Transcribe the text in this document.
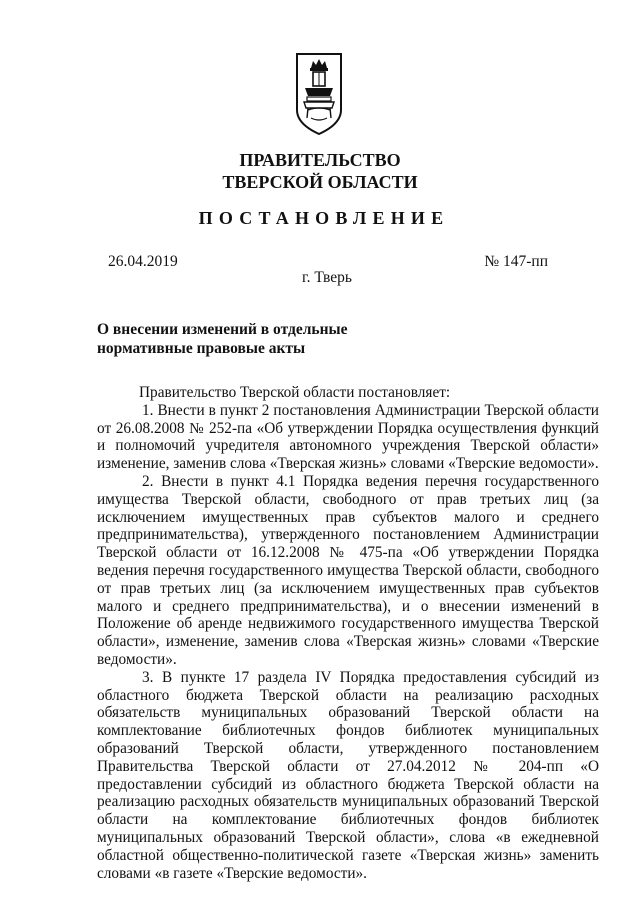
ПРАВИТЕЛЬСТВО
ТВЕРСКОЙ ОБЛАСТИ
ПОСТАНОВЛЕНИЕ
26.04.2019	№ 147-пп
г. Тверь
О внесении изменений в отдельные
нормативные правовые акты

Правительство Тверской области постановляет:

1. Внести в пункт 2 постановления Администрации Тверской области от 26.08.2008 № 252-па «Об утверждении Порядка осуществления функций и полномочий учредителя автономного учреждения Тверской области» изменение, заменив слова «Тверская жизнь» словами «Тверские ведомости».

2. Внести в пункт 4.1 Порядка ведения перечня государственного имущества Тверской области, свободного от прав третьих лиц (за исключением имущественных прав субъектов малого и среднего предпринимательства), утвержденного постановлением Администрации Тверской области от 16.12.2008 № 475-па «Об утверждении Порядка ведения перечня государственного имущества Тверской области, свободного от прав третьих лиц (за исключением имущественных прав субъектов малого и среднего предпринимательства), и о внесении изменений в Положение об аренде недвижимого государственного имущества Тверской области», изменение, заменив слова «Тверская жизнь» словами «Тверские ведомости».

3. В пункте 17 раздела IV Порядка предоставления субсидий из областного бюджета Тверской области на реализацию расходных обязательств муниципальных образований Тверской области на комплектование библиотечных фондов библиотек муниципальных образований Тверской области, утвержденного постановлением Правительства Тверской области от 27.04.2012 № 204-пп «О предоставлении субсидий из областного бюджета Тверской области на реализацию расходных обязательств муниципальных образований Тверской области на комплектование библиотечных фондов библиотек муниципальных образований Тверской области», слова «в ежедневной областной общественно-политической газете «Тверская жизнь» заменить словами «в газете «Тверские ведомости».
